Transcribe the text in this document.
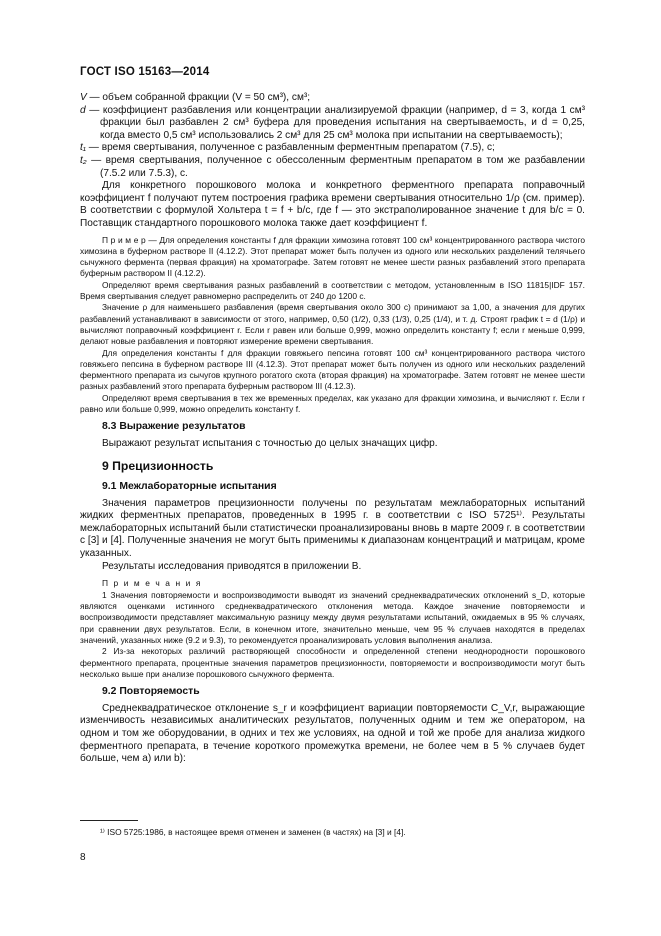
ГОСТ ISO 15163—2014

V — объем собранной фракции (V = 50 см³), см³;

d — коэффициент разбавления или концентрации анализируемой фракции (например, d = 3, когда 1 см³ фракции был разбавлен 2 см³ буфера для проведения испытания на свертываемость, и d = 0,25, когда вместо 0,5 см³ использовались 2 см³ для 25 см³ молока при испытании на свертываемость);

t₁ — время свертывания, полученное с разбавленным ферментным препаратом (7.5), с;

t₂ — время свертывания, полученное с обессоленным ферментным препаратом в том же разбавлении (7.5.2 или 7.5.3), с.

Для конкретного порошкового молока и конкретного ферментного препарата поправочный коэффициент f получают путем построения графика времени свертывания относительно 1/ρ (см. пример). В соответствии с формулой Хольтера t = f + b/c, где f — это экстраполированное значение t для b/c = 0. Поставщик стандартного порошкового молока также дает коэффициент f.

П р и м е р — Для определения константы f для фракции химозина готовят 100 см³ концентрированного раствора чистого химозина в буферном растворе II (4.12.2). Этот препарат может быть получен из одного или нескольких разделений телячьего сычужного фермента (первая фракция) на хроматографе. Затем готовят не менее шести разных разбавлений этого препарата буферным раствором II (4.12.2).

Определяют время свертывания разных разбавлений в соответствии с методом, установленным в ISO 11815|IDF 157. Время свертывания следует равномерно распределить от 240 до 1200 с.

Значение ρ для наименьшего разбавления (время свертывания около 300 с) принимают за 1,00, а значения для других разбавлений устанавливают в зависимости от этого, например, 0,50 (1/2), 0,33 (1/3), 0,25 (1/4), и т. д. Строят график t = d (1/ρ) и вычисляют поправочный коэффициент r. Если r равен или больше 0,999, можно определить константу f; если r меньше 0,999, делают новые разбавления и повторяют измерение времени свертывания.

Для определения константы f для фракции говяжьего пепсина готовят 100 см³ концентрированного раствора чистого говяжьего пепсина в буферном растворе III (4.12.3). Этот препарат может быть получен из одного или нескольких разделений ферментного препарата из сычугов крупного рогатого скота (вторая фракция) на хроматографе. Затем готовят не менее шести разных разбавлений этого препарата буферным раствором III (4.12.3).

Определяют время свертывания в тех же временных пределах, как указано для фракции химозина, и вычисляют r. Если r равно или больше 0,999, можно определить константу f.

8.3 Выражение результатов

Выражают результат испытания с точностью до целых значащих цифр.

9 Прецизионность

9.1 Межлабораторные испытания

Значения параметров прецизионности получены по результатам межлабораторных испытаний жидких ферментных препаратов, проведенных в 1995 г. в соответствии с ISO 5725¹⁾. Результаты межлабораторных испытаний были статистически проанализированы вновь в марте 2009 г. в соответствии с [3] и [4]. Полученные значения не могут быть применимы к диапазонам концентраций и матрицам, кроме указанных.

Результаты исследования приводятся в приложении В.

П р и м е ч а н и я

1 Значения повторяемости и воспроизводимости выводят из значений среднеквадратических отклонений s_D, которые являются оценками истинного среднеквадратического отклонения метода. Каждое значение повторяемости и воспроизводимости представляет максимальную разницу между двумя результатами испытаний, ожидаемых в 95 % случаях, при сравнении двух результатов. Если, в конечном итоге, значительно меньше, чем 95 % случаев находятся в пределах значений, указанных ниже (9.2 и 9.3), то рекомендуется проанализировать условия выполнения анализа.

2 Из-за некоторых различий растворяющей способности и определенной степени неоднородности порошкового ферментного препарата, процентные значения параметров прецизионности, повторяемости и воспроизводимости могут быть несколько выше при анализе порошкового сычужного фермента.

9.2 Повторяемость

Среднеквадратическое отклонение s_r и коэффициент вариации повторяемости C_V,r, выражающие изменчивость независимых аналитических результатов, полученных одним и тем же оператором, на одном и том же оборудовании, в одних и тех же условиях, на одной и той же пробе для анализа жидкого ферментного препарата, в течение короткого промежутка времени, не более чем в 5 % случаев будет больше, чем а) или b):

¹⁾ ISO 5725:1986, в настоящее время отменен и заменен (в частях) на [3] и [4].
8
